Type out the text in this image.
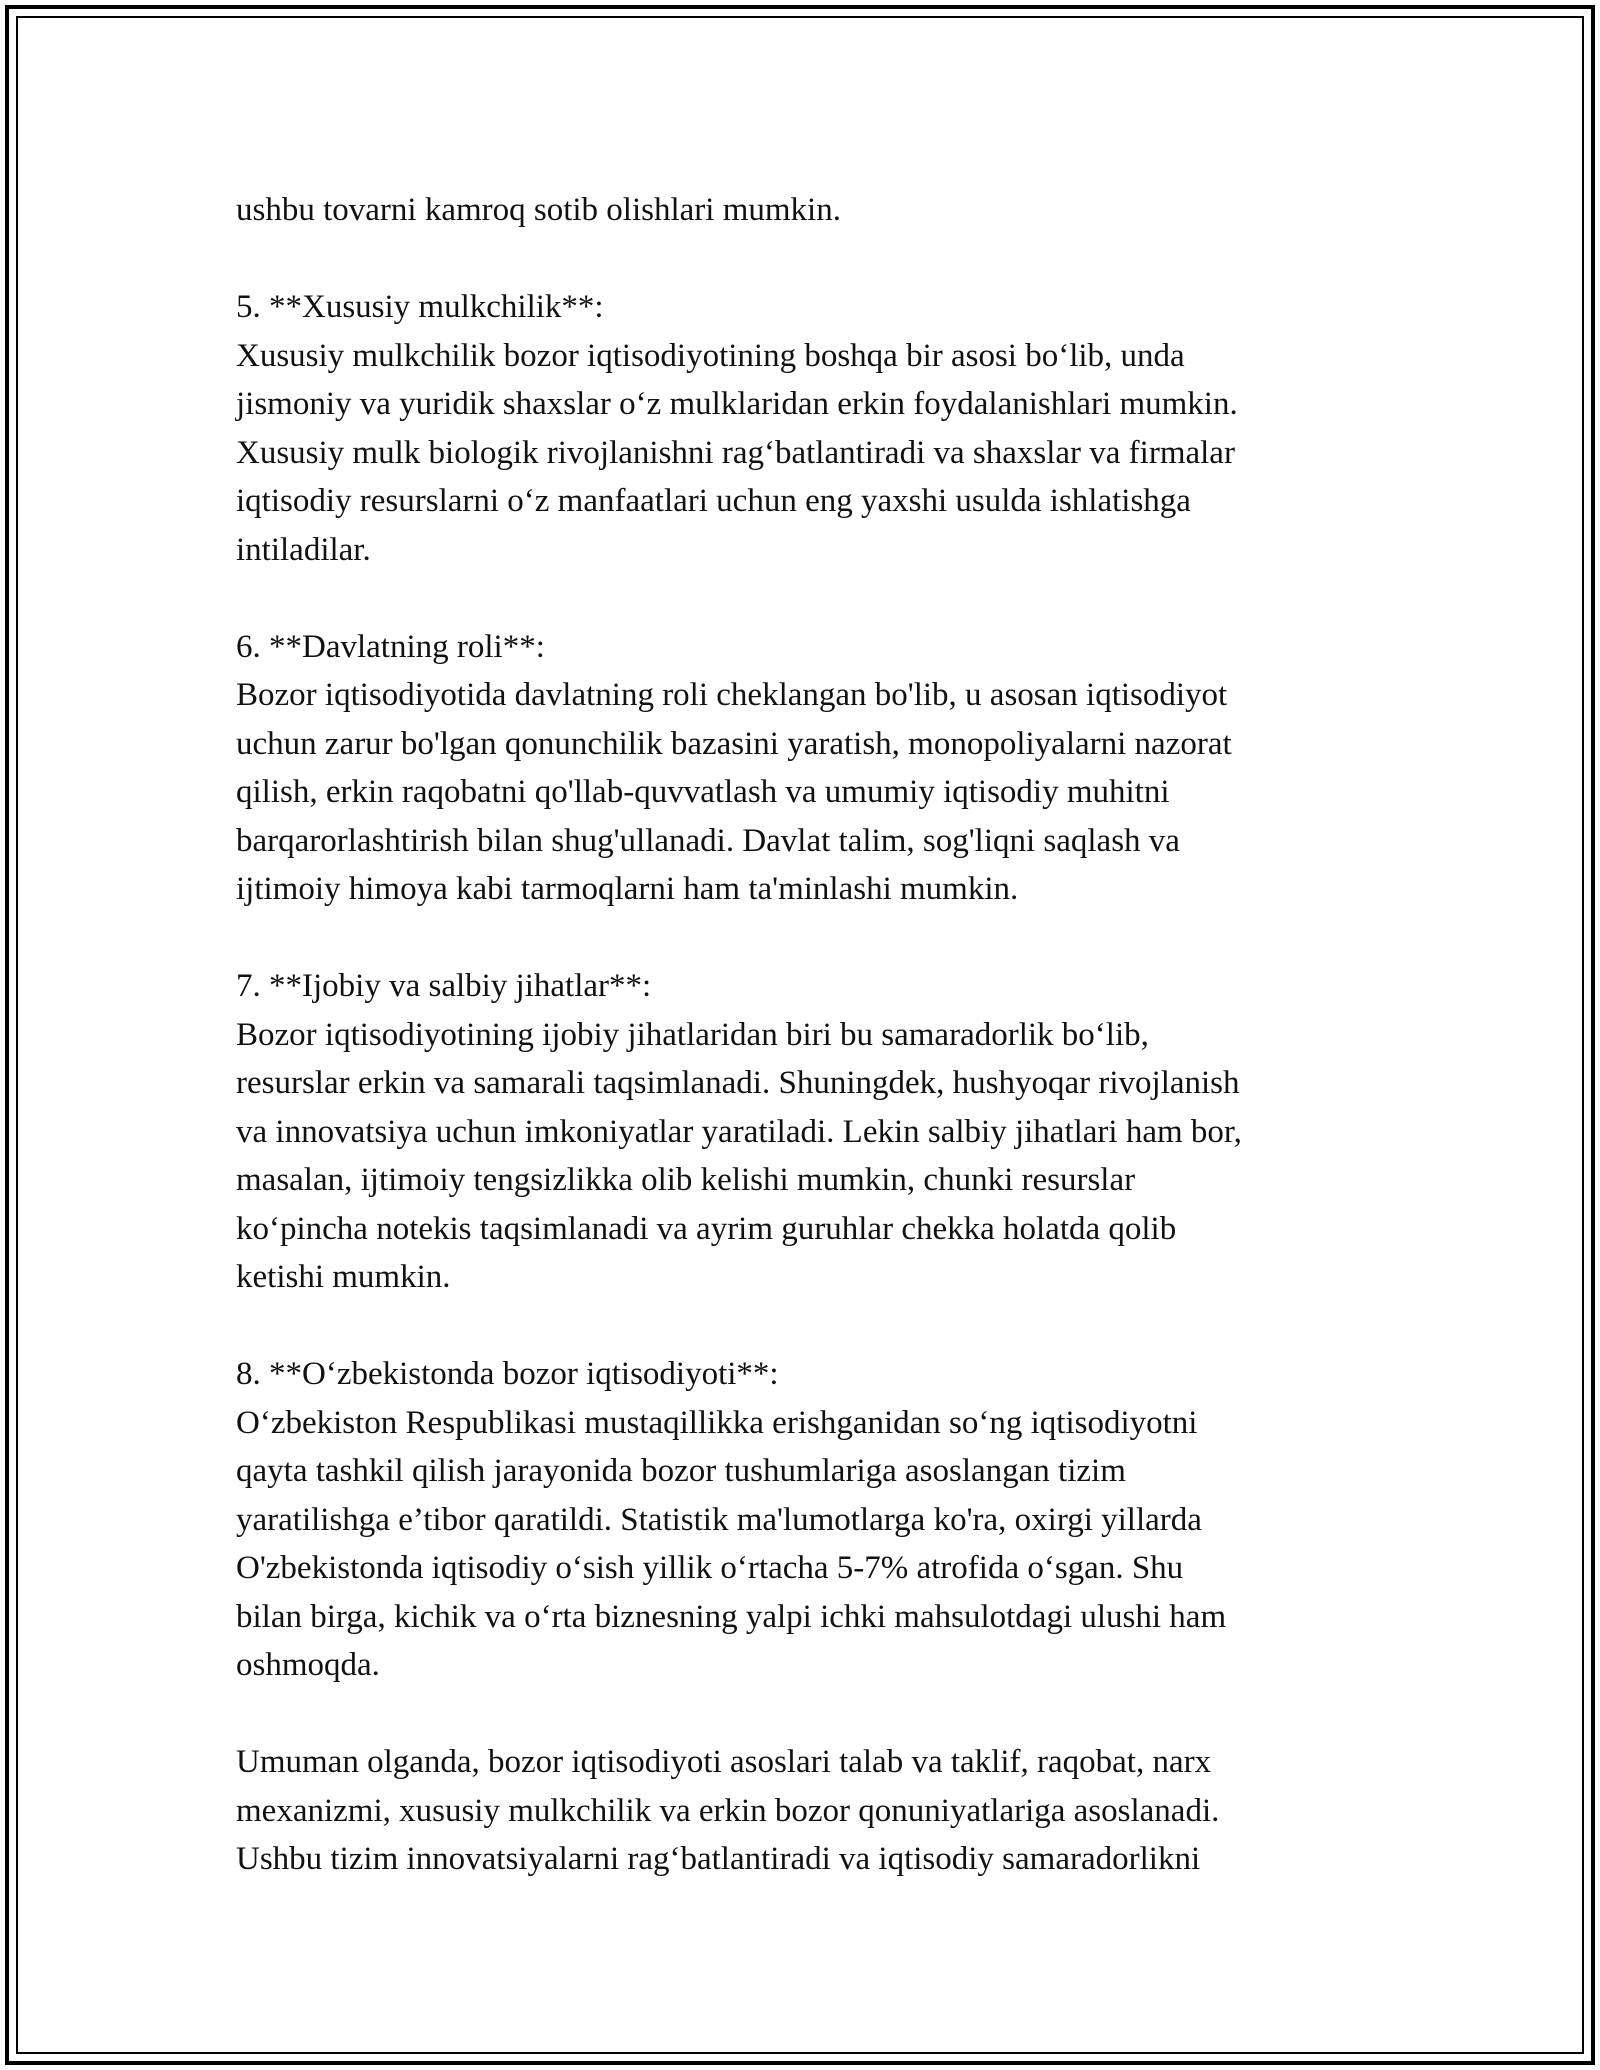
ushbu tovarni kamroq sotib olishlari mumkin.

5. **Xususiy mulkchilik**:
Xususiy mulkchilik bozor iqtisodiyotining boshqa bir asosi bo‘lib, unda
jismoniy va yuridik shaxslar o‘z mulklaridan erkin foydalanishlari mumkin.
Xususiy mulk biologik rivojlanishni rag‘batlantiradi va shaxslar va firmalar
iqtisodiy resurslarni o‘z manfaatlari uchun eng yaxshi usulda ishlatishga
intiladilar.

6. **Davlatning roli**:
Bozor iqtisodiyotida davlatning roli cheklangan bo'lib, u asosan iqtisodiyot
uchun zarur bo'lgan qonunchilik bazasini yaratish, monopoliyalarni nazorat
qilish, erkin raqobatni qo'llab-quvvatlash va umumiy iqtisodiy muhitni
barqarorlashtirish bilan shug'ullanadi. Davlat talim, sog'liqni saqlash va
ijtimoiy himoya kabi tarmoqlarni ham ta'minlashi mumkin.

7. **Ijobiy va salbiy jihatlar**:
Bozor iqtisodiyotining ijobiy jihatlaridan biri bu samaradorlik bo‘lib,
resurslar erkin va samarali taqsimlanadi. Shuningdek, hushyoqar rivojlanish
va innovatsiya uchun imkoniyatlar yaratiladi. Lekin salbiy jihatlari ham bor,
masalan, ijtimoiy tengsizlikka olib kelishi mumkin, chunki resurslar
ko‘pincha notekis taqsimlanadi va ayrim guruhlar chekka holatda qolib
ketishi mumkin.

8. **O‘zbekistonda bozor iqtisodiyoti**:
O‘zbekiston Respublikasi mustaqillikka erishganidan so‘ng iqtisodiyotni
qayta tashkil qilish jarayonida bozor tushumlariga asoslangan tizim
yaratilishga e’tibor qaratildi. Statistik ma'lumotlarga ko'ra, oxirgi yillarda
O'zbekistonda iqtisodiy o‘sish yillik o‘rtacha 5-7% atrofida o‘sgan. Shu
bilan birga, kichik va o‘rta biznesning yalpi ichki mahsulotdagi ulushi ham
oshmoqda.

Umuman olganda, bozor iqtisodiyoti asoslari talab va taklif, raqobat, narx
mexanizmi, xususiy mulkchilik va erkin bozor qonuniyatlariga asoslanadi.
Ushbu tizim innovatsiyalarni rag‘batlantiradi va iqtisodiy samaradorlikni
